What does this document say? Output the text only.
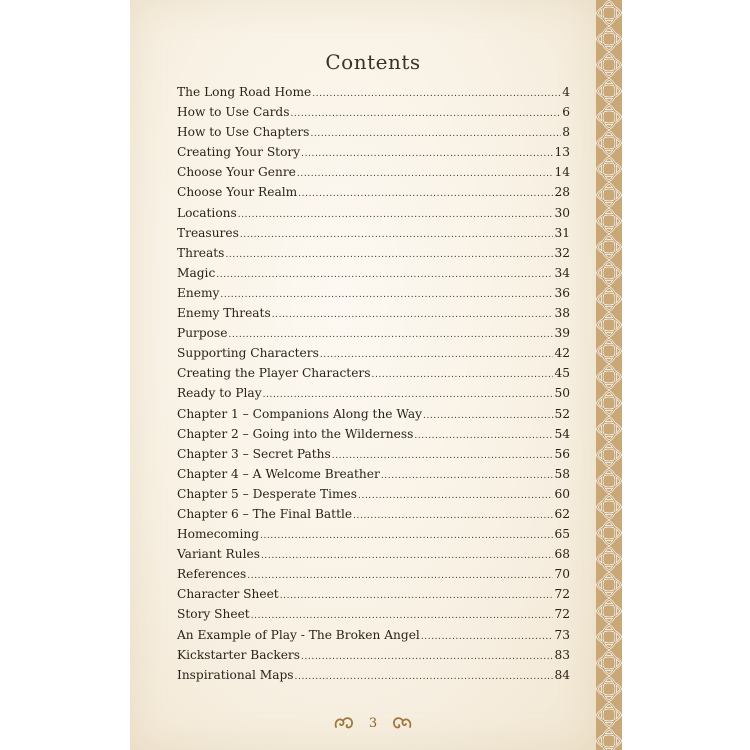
Contents
The Long Road Home .....	4
How to Use Cards .....	6
How to Use Chapters .....	8
Creating Your Story .....	13
Choose Your Genre .....	14
Choose Your Realm .....	28
Locations .....	30
Treasures .....	31
Threats .....	32
Magic .....	34
Enemy .....	36
Enemy Threats .....	38
Purpose .....	39
Supporting Characters .....	42
Creating the Player Characters .....	45
Ready to Play .....	50
Chapter 1 – Companions Along the Way .....	52
Chapter 2 – Going into the Wilderness .....	54
Chapter 3 – Secret Paths .....	56
Chapter 4 – A Welcome Breather .....	58
Chapter 5 – Desperate Times .....	60
Chapter 6 – The Final Battle .....	62
Homecoming .....	65
Variant Rules .....	68
References .....	70
Character Sheet .....	72
Story Sheet .....	72
An Example of Play - The Broken Angel .....	73
Kickstarter Backers .....	83
Inspirational Maps .....	84
3
